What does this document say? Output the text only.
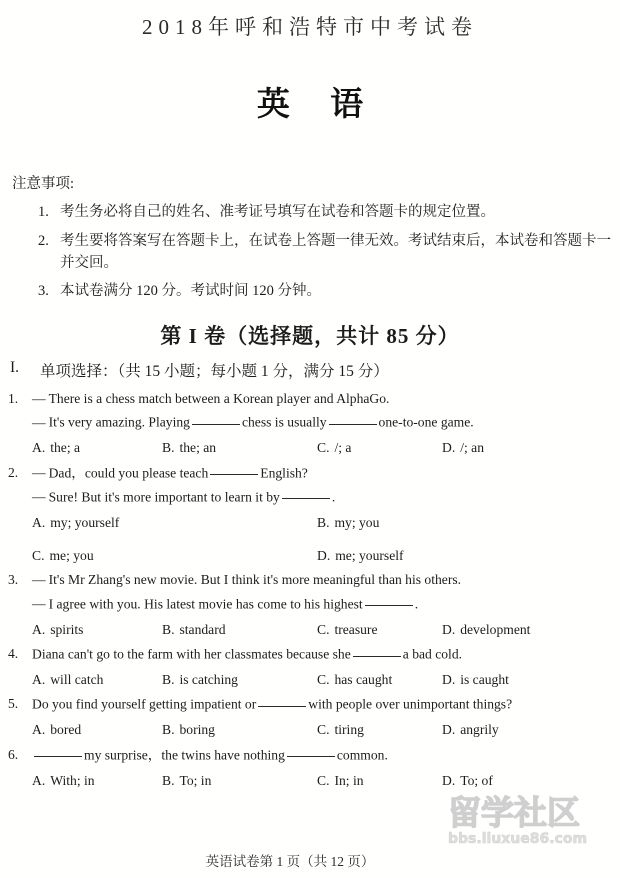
2018年呼和浩特市中考试卷
英 语
注意事项:
1. 考生务必将自己的姓名、准考证号填写在试卷和答题卡的规定位置。
2. 考生要将答案写在答题卡上，在试卷上答题一律无效。考试结束后，本试卷和答题卡一并交回。
3. 本试卷满分 120 分。考试时间 120 分钟。
第 I 卷（选择题，共计 85 分）
I.	单项选择：（共 15 小题；每小题 1 分，满分 15 分）
1.	— There is a chess match between a Korean player and AlphaGo.
— It's very amazing. Playing	chess is usually	one-to-one game.
A. the; a	B. the; an	C. /; a	D. /; an
2.	— Dad，could you please teach	English?
— Sure! But it's more important to learn it by	.
A. my; yourself	B. my; you
C. me; you	D. me; yourself
3.	— It's Mr Zhang's new movie. But I think it's more meaningful than his others.
— I agree with you. His latest movie has come to his highest	.
A. spirits	B. standard	C. treasure	D. development
4.	Diana can't go to the farm with her classmates because she	a bad cold.
A. will catch	B. is catching	C. has caught	D. is caught
5.	Do you find yourself getting impatient or	with people over unimportant things?
A. bored	B. boring	C. tiring	D. angrily
6.	my surprise，the twins have nothing	common.
A. With; in	B. To; in	C. In; in	D. To; of
留学社区
bbs.liuxue86.com
英语试卷第 1 页（共 12 页）
